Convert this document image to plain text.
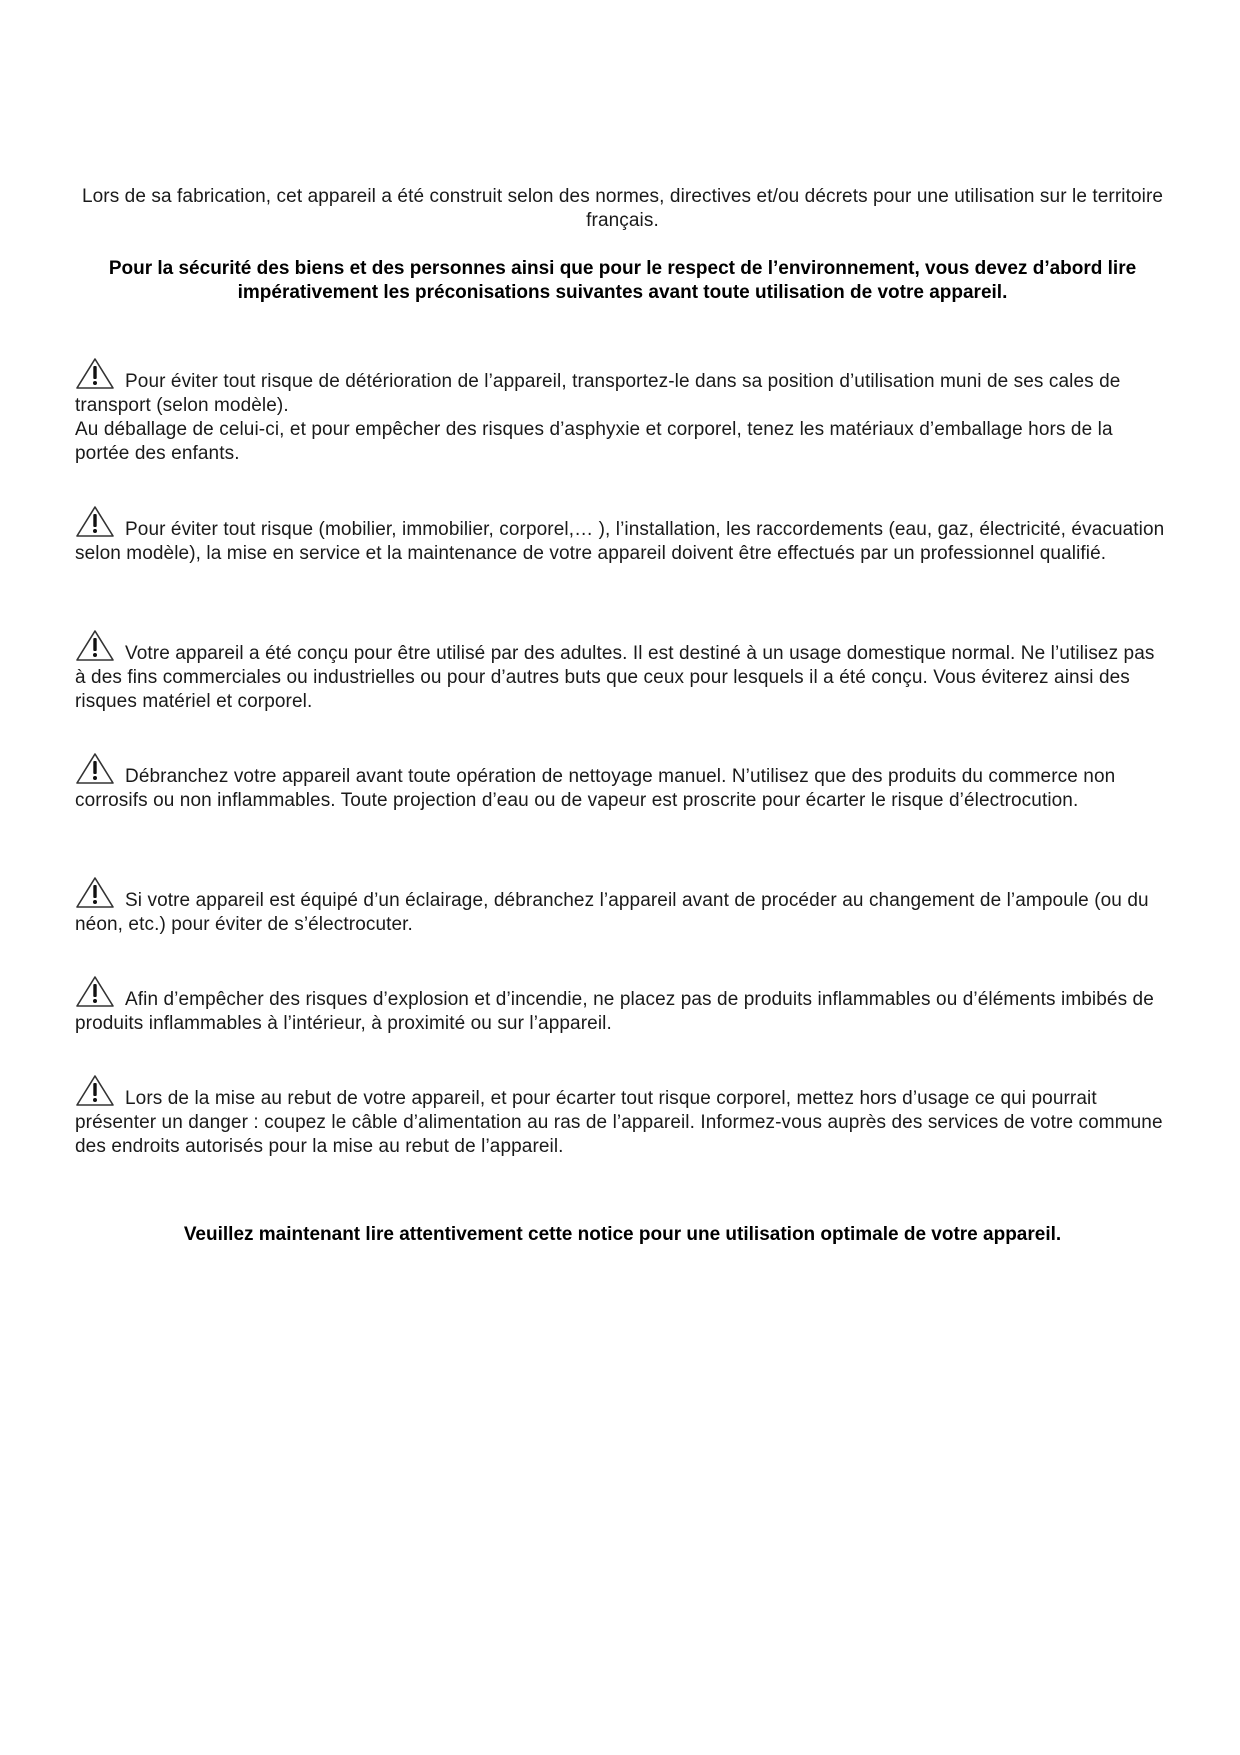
Lors de sa fabrication, cet appareil a été construit selon des normes, directives et/ou décrets pour une utilisation sur le territoire français.

Pour la sécurité des biens et des personnes ainsi que pour le respect de l’environnement, vous devez d’abord lire impérativement les préconisations suivantes avant toute utilisation de votre appareil.

Pour éviter tout risque de détérioration de l’appareil, transportez-le dans sa position d’utilisation muni de ses cales de transport (selon modèle).
Au déballage de celui-ci, et pour empêcher des risques d’asphyxie et corporel, tenez les matériaux d’emballage hors de la portée des enfants.
Pour éviter tout risque (mobilier, immobilier, corporel,… ), l’installation, les raccordements (eau, gaz, électricité, évacuation selon modèle), la mise en service et la maintenance de votre appareil doivent être effectués par un professionnel qualifié.
Votre appareil a été conçu pour être utilisé par des adultes. Il est destiné à un usage domestique normal. Ne l’utilisez pas à des fins commerciales ou industrielles ou pour d’autres buts que ceux pour lesquels il a été conçu. Vous éviterez ainsi des risques matériel et corporel.
Débranchez votre appareil avant toute opération de nettoyage manuel. N’utilisez que des produits du commerce non corrosifs ou non inflammables. Toute projection d’eau ou de vapeur est proscrite pour écarter le risque d’électrocution.
Si votre appareil est équipé d’un éclairage, débranchez l’appareil avant de procéder au changement de l’ampoule (ou du néon, etc.) pour éviter de s’électrocuter.
Afin d’empêcher des risques d’explosion et d’incendie, ne placez pas de produits inflammables ou d’éléments imbibés de produits inflammables à l’intérieur, à proximité ou sur l’appareil.
Lors de la mise au rebut de votre appareil, et pour écarter tout risque corporel, mettez hors d’usage ce qui pourrait présenter un danger : coupez le câble d’alimentation au ras de l’appareil. Informez-vous auprès des services de votre commune des endroits autorisés pour la mise au rebut de l’appareil.

Veuillez maintenant lire attentivement cette notice pour une utilisation optimale de votre appareil.
